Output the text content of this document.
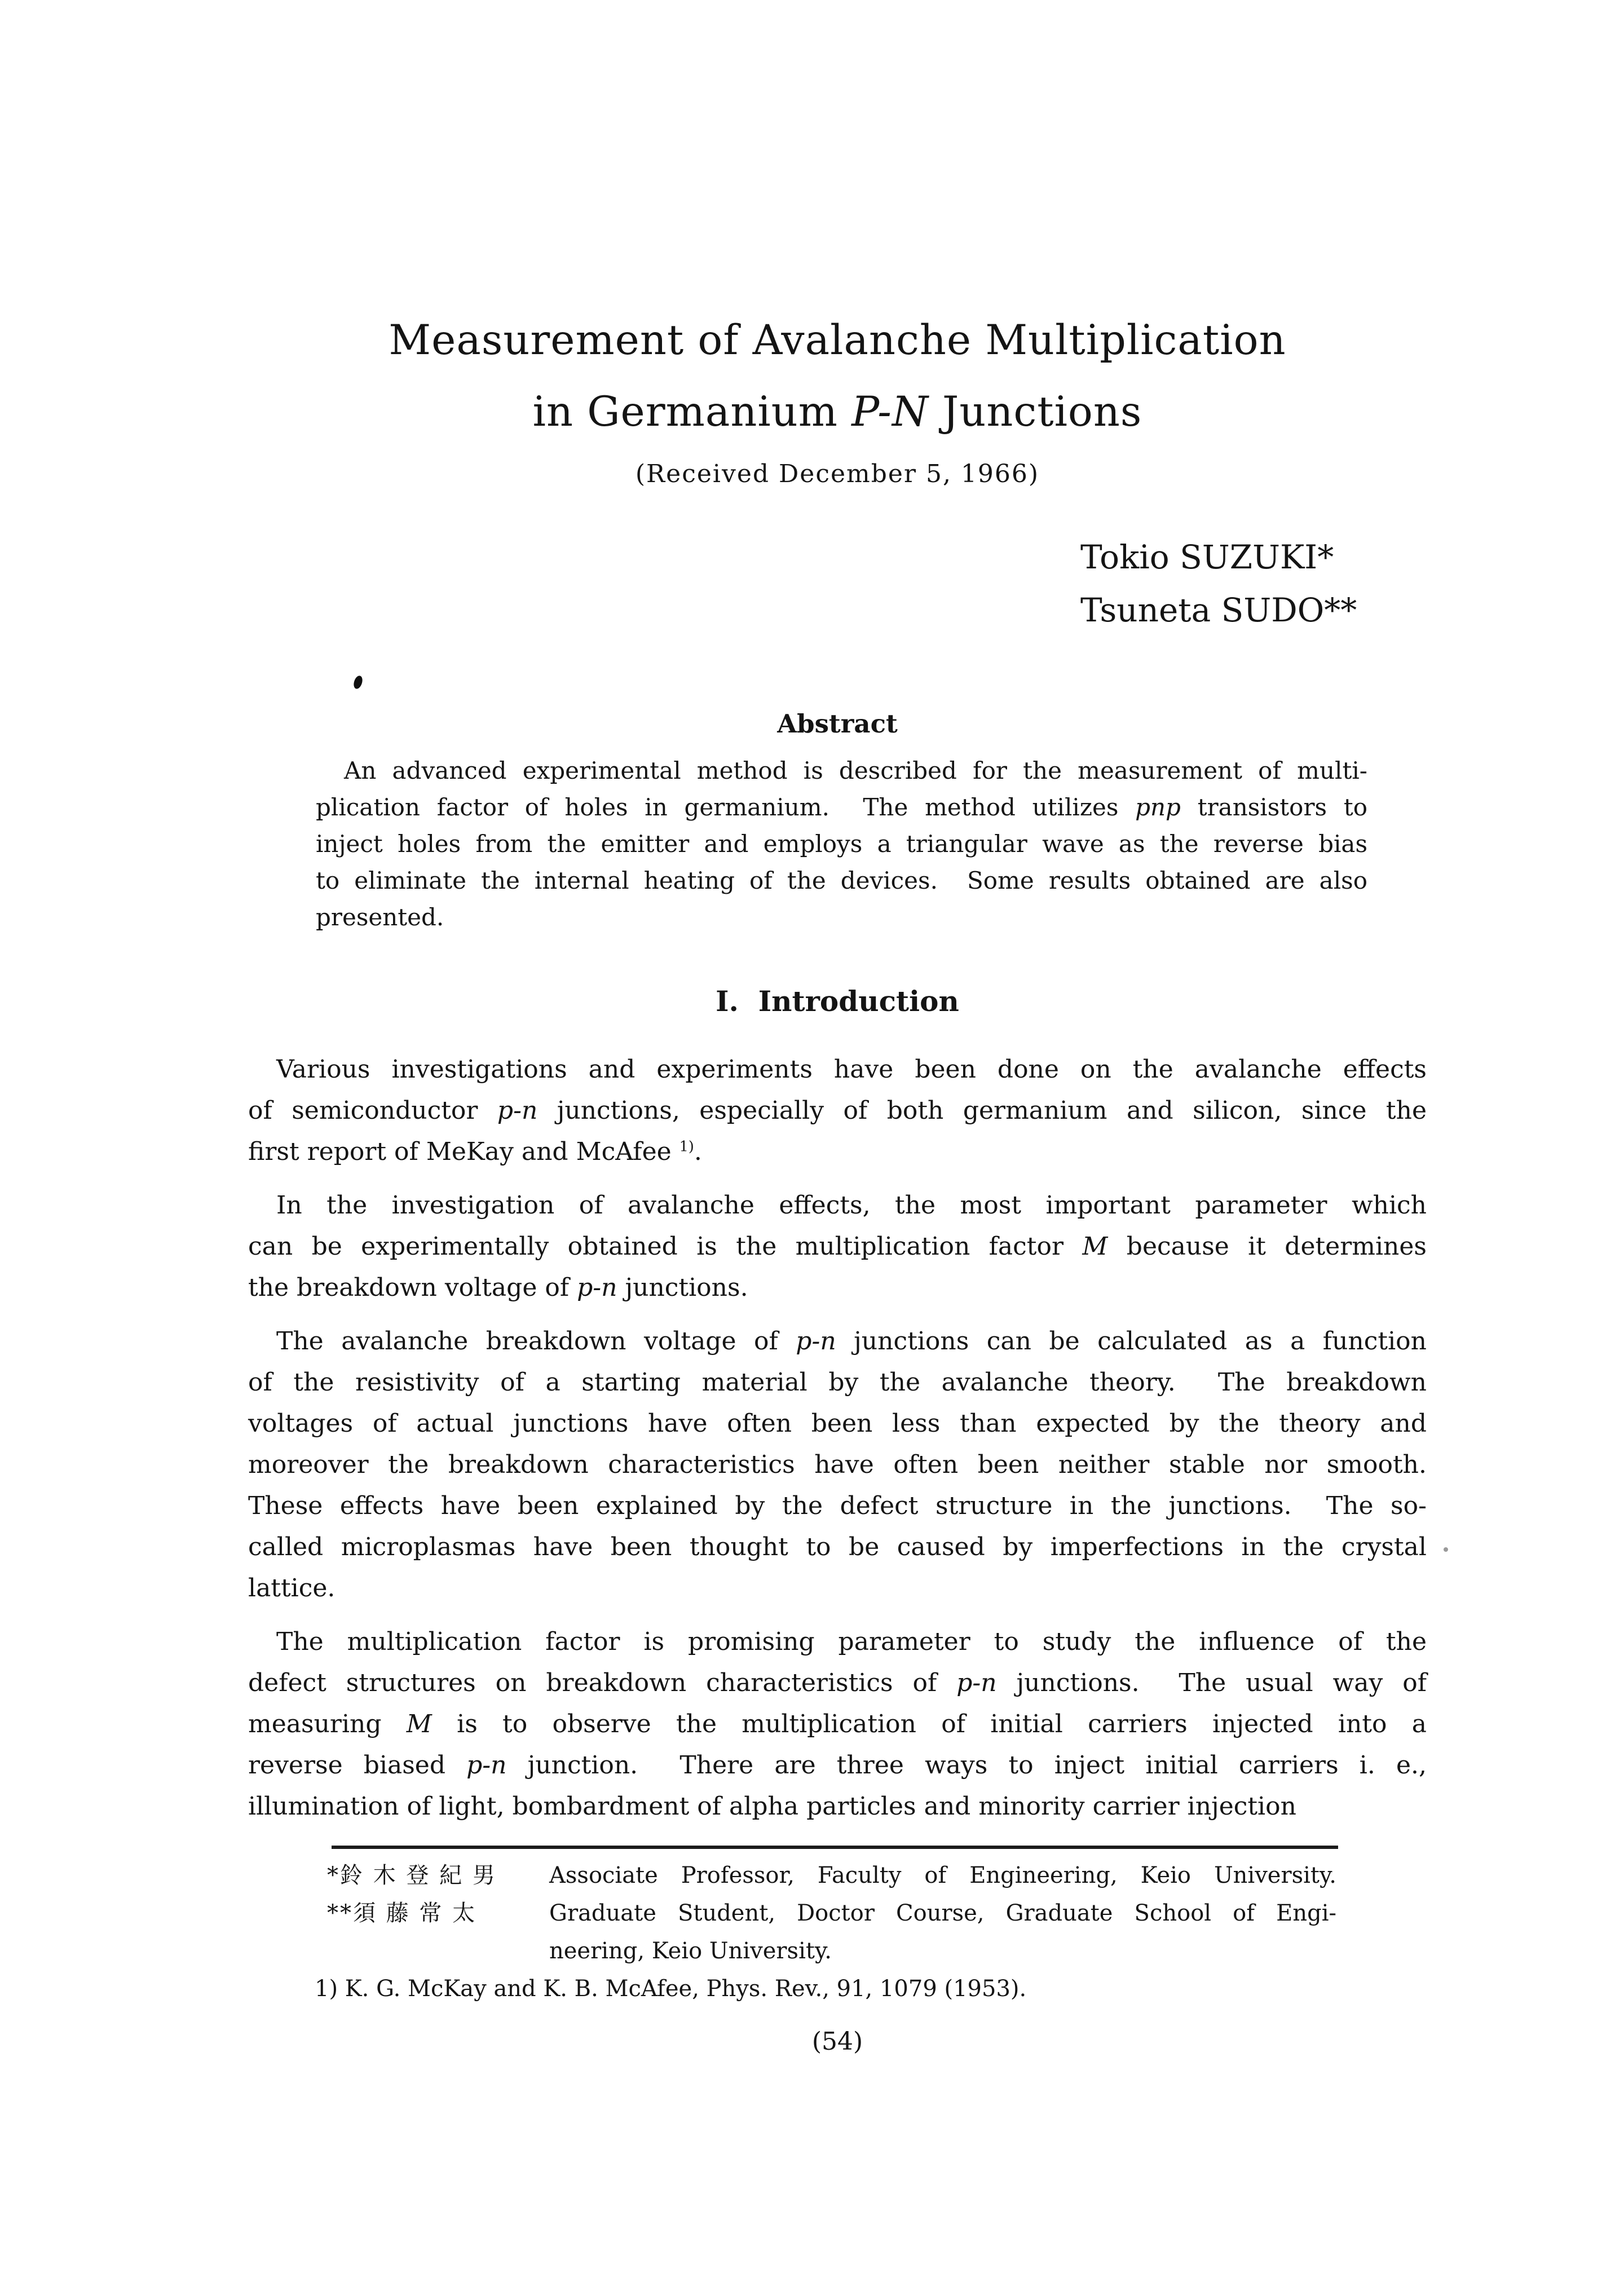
Measurement of Avalanche Multiplication
in Germanium P-N Junctions
(Received December 5, 1966)
Tokio SUZUKI*
Tsuneta SUDO**
Abstract
An advanced experimental method is described for the measurement of multi-
plication factor of holes in germanium.  The method utilizes pnp transistors to
inject holes from the emitter and employs a triangular wave as the reverse bias
to eliminate the internal heating of the devices.  Some results obtained are also
presented.
I.  Introduction
Various investigations and experiments have been done on the avalanche effects
of semiconductor p-n junctions, especially of both germanium and silicon, since the
first report of MeKay and McAfee $^{1)}$.
In the investigation of avalanche effects, the most important parameter which
can be experimentally obtained is the multiplication factor M because it determines
the breakdown voltage of p-n junctions.
The avalanche breakdown voltage of p-n junctions can be calculated as a function
of the resistivity of a starting material by the avalanche theory.  The breakdown
voltages of actual junctions have often been less than expected by the theory and
moreover the breakdown characteristics have often been neither stable nor smooth.
These effects have been explained by the defect structure in the junctions.  The so-
called microplasmas have been thought to be caused by imperfections in the crystal
lattice.
The multiplication factor is promising parameter to study the influence of the
defect structures on breakdown characteristics of p-n junctions.  The usual way of
measuring M is to observe the multiplication of initial carriers injected into a
reverse biased p-n junction.  There are three ways to inject initial carriers i. e.,
illumination of light, bombardment of alpha particles and minority carrier injection
*鈴 木 登 紀 男	Associate Professor, Faculty of Engineering, Keio University.
**須 藤 常 太	Graduate Student, Doctor Course, Graduate School of Engi-
neering, Keio University.
1) K. G. McKay and K. B. McAfee, Phys. Rev., 91, 1079 (1953).
(54)
